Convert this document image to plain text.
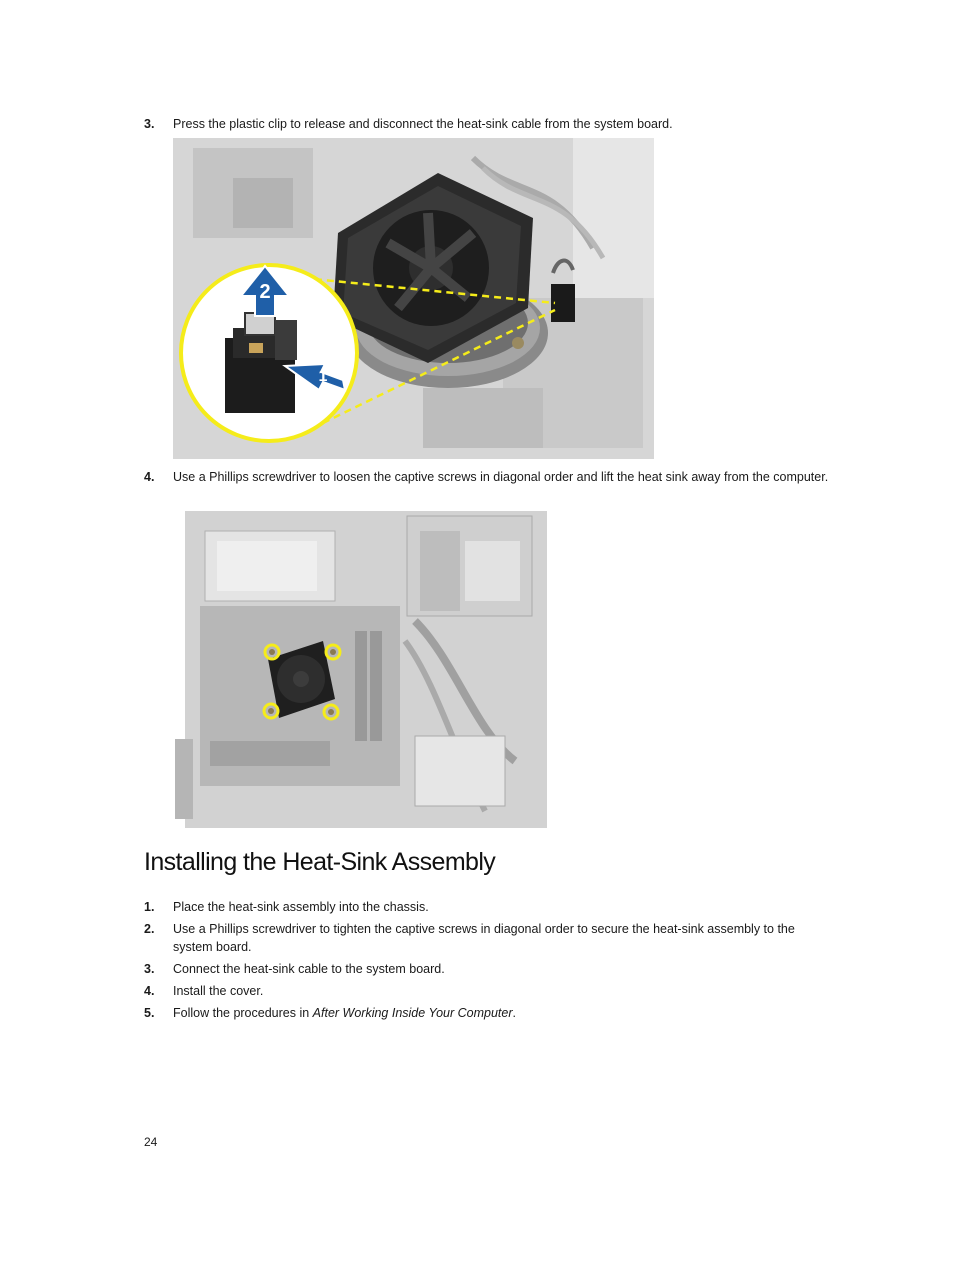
3. Press the plastic clip to release and disconnect the heat-sink cable from the system board.
2
1
4. Use a Phillips screwdriver to loosen the captive screws in diagonal order and lift the heat sink away from the computer.
Installing the Heat-Sink Assembly
1. Place the heat-sink assembly into the chassis.
2. Use a Phillips screwdriver to tighten the captive screws in diagonal order to secure the heat-sink assembly to the system board.
3. Connect the heat-sink cable to the system board.
4. Install the cover.
5. Follow the procedures in After Working Inside Your Computer.
24
